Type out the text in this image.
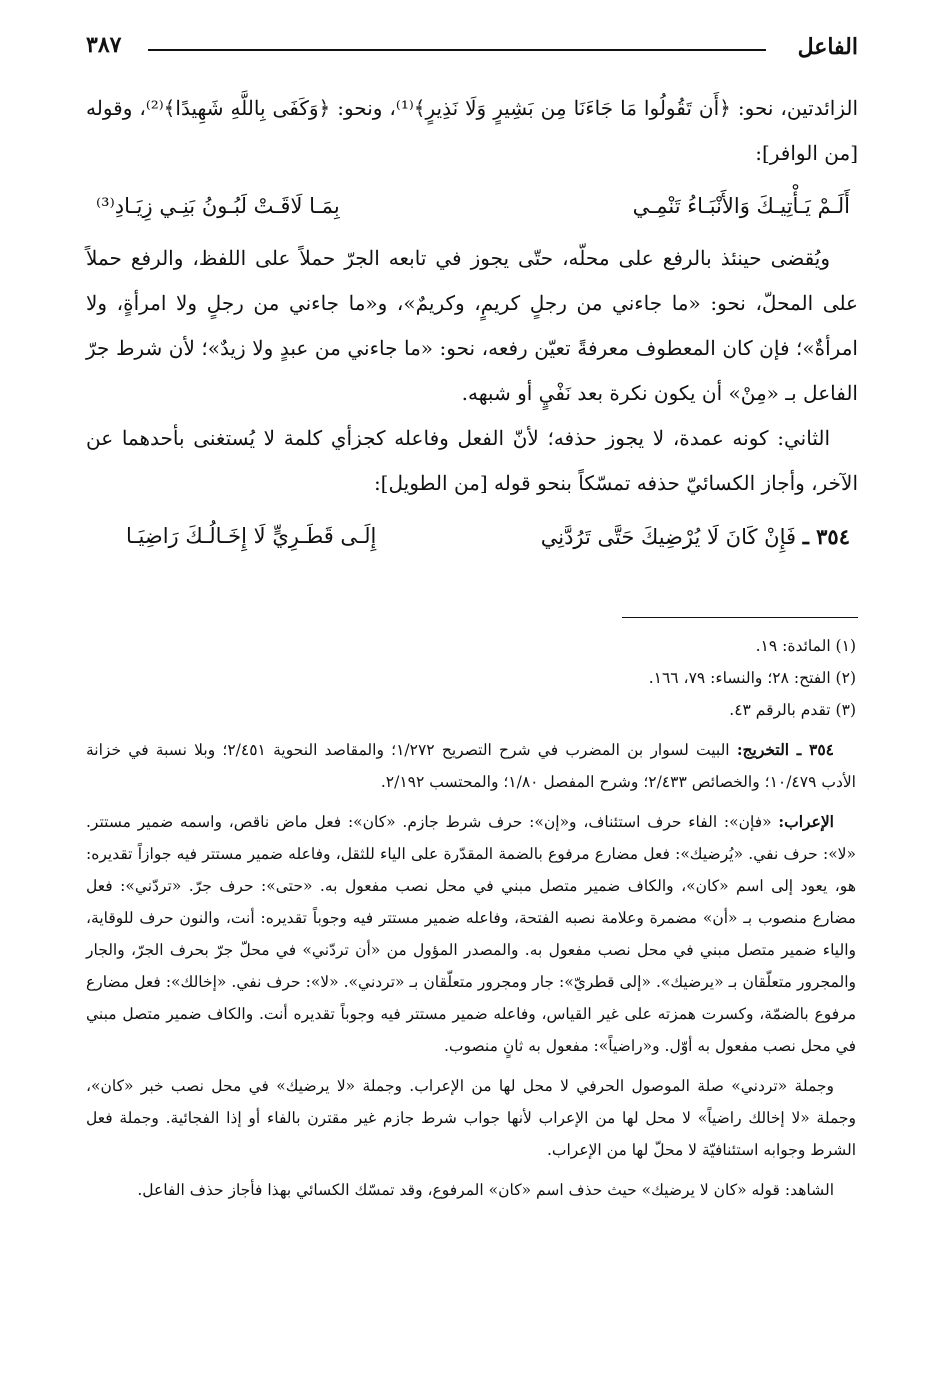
الفاعل
٣٨٧

الزائدتين، نحو: ﴿أَن تَقُولُوا مَا جَاءَنَا مِن بَشِيرٍ وَلَا نَذِيرٍ﴾⁽¹⁾، ونحو: ﴿وَكَفَى بِاللَّهِ شَهِيدًا﴾⁽²⁾، وقوله [من الوافر]:

أَلَـمْ يَـأْتِيـكَ وَالأَنْبَـاءُ تَنْمِـي
بِمَـا لَاقَـتْ لَبُـونُ بَنِـي زِيَـادِ⁽³⁾

ويُقضى حينئذ بالرفع على محلّه، حتّى يجوز في تابعه الجرّ حملاً على اللفظ، والرفع حملاً على المحلّ، نحو: «ما جاءني من رجلٍ كريمٍ، وكريمٌ»، و«ما جاءني من رجلٍ ولا امرأةٍ، ولا امرأةٌ»؛ فإن كان المعطوف معرفةً تعيّن رفعه، نحو: «ما جاءني من عبدٍ ولا زيدٌ»؛ لأن شرط جرّ الفاعل بـ «مِنْ» أن يكون نكرة بعد نَفْيٍ أو شبهه.

الثاني: كونه عمدة، لا يجوز حذفه؛ لأنّ الفعل وفاعله كجزأي كلمة لا يُستغنى بأحدهما عن الآخر، وأجاز الكسائيّ حذفه تمسّكاً بنحو قوله [من الطويل]:

٣٥٤ ـ فَإِنْ كَانَ لَا يُرْضِيكَ حَتَّى تَرُدَّنِي
إِلَـى قَطَـرِيٍّ لَا إِخَـالُـكَ رَاضِيَـا

(١) المائدة: ١٩.

(٢) الفتح: ٢٨؛ والنساء: ٧٩، ١٦٦.

(٣) تقدم بالرقم ٤٣.

٣٥٤ ـ التخريج: البيت لسوار بن المضرب في شرح التصريح ١/٢٧٢؛ والمقاصد النحوية ٢/٤٥١؛ وبلا نسبة في خزانة الأدب ١٠/٤٧٩؛ والخصائص ٢/٤٣٣؛ وشرح المفصل ١/٨٠؛ والمحتسب ٢/١٩٢.

الإعراب: «فإن»: الفاء حرف استئناف، و«إن»: حرف شرط جازم. «كان»: فعل ماض ناقص، واسمه ضمير مستتر. «لا»: حرف نفي. «يُرضيك»: فعل مضارع مرفوع بالضمة المقدّرة على الياء للثقل، وفاعله ضمير مستتر فيه جوازاً تقديره: هو، يعود إلى اسم «كان»، والكاف ضمير متصل مبني في محل نصب مفعول به. «حتى»: حرف جرّ. «تردّني»: فعل مضارع منصوب بـ «أن» مضمرة وعلامة نصبه الفتحة، وفاعله ضمير مستتر فيه وجوباً تقديره: أنت، والنون حرف للوقاية، والياء ضمير متصل مبني في محل نصب مفعول به. والمصدر المؤول من «أن تردّني» في محلّ جرّ بحرف الجرّ، والجار والمجرور متعلّقان بـ «يرضيك». «إلى قطريّ»: جار ومجرور متعلّقان بـ «تردني». «لا»: حرف نفي. «إخالك»: فعل مضارع مرفوع بالضمّة، وكسرت همزته على غير القياس، وفاعله ضمير مستتر فيه وجوباً تقديره أنت. والكاف ضمير متصل مبني في محل نصب مفعول به أوّل. و«راضياً»: مفعول به ثانٍ منصوب.

وجملة «تردني» صلة الموصول الحرفي لا محل لها من الإعراب. وجملة «لا يرضيك» في محل نصب خبر «كان»، وجملة «لا إخالك راضياً» لا محل لها من الإعراب لأنها جواب شرط جازم غير مقترن بالفاء أو إذا الفجائية. وجملة فعل الشرط وجوابه استئنافيّة لا محلّ لها من الإعراب.

الشاهد: قوله «كان لا يرضيك» حيث حذف اسم «كان» المرفوع، وقد تمسّك الكسائي بهذا فأجاز حذف الفاعل.
